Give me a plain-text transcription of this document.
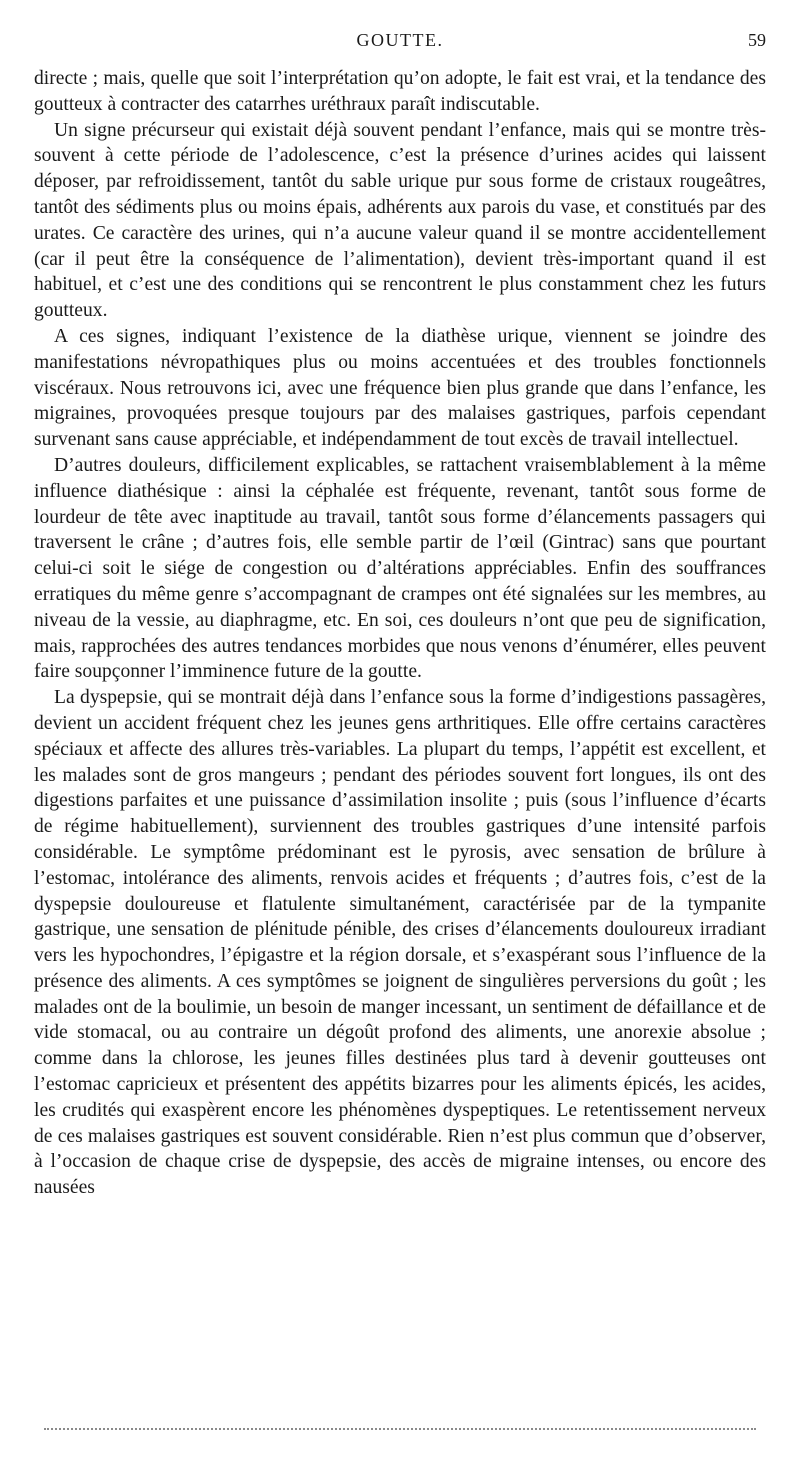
GOUTTE.	59

directe ; mais, quelle que soit l’interprétation qu’on adopte, le fait est vrai, et la tendance des goutteux à contracter des catarrhes uréthraux paraît indiscutable.

Un signe précurseur qui existait déjà souvent pendant l’enfance, mais qui se montre très-souvent à cette période de l’adolescence, c’est la présence d’urines acides qui laissent déposer, par refroidissement, tantôt du sable urique pur sous forme de cristaux rougeâtres, tantôt des sédiments plus ou moins épais, adhérents aux parois du vase, et constitués par des urates. Ce caractère des urines, qui n’a aucune valeur quand il se montre accidentellement (car il peut être la conséquence de l’alimentation), devient très-important quand il est habituel, et c’est une des conditions qui se rencontrent le plus constamment chez les futurs goutteux.

A ces signes, indiquant l’existence de la diathèse urique, viennent se joindre des manifestations névropathiques plus ou moins accentuées et des troubles fonctionnels viscéraux. Nous retrouvons ici, avec une fréquence bien plus grande que dans l’enfance, les migraines, provoquées presque toujours par des malaises gastriques, parfois cependant survenant sans cause appréciable, et indépendamment de tout excès de travail intellectuel.

D’autres douleurs, difficilement explicables, se rattachent vraisemblablement à la même influence diathésique : ainsi la céphalée est fréquente, revenant, tantôt sous forme de lourdeur de tête avec inaptitude au travail, tantôt sous forme d’élancements passagers qui traversent le crâne ; d’autres fois, elle semble partir de l’œil (Gintrac) sans que pourtant celui-ci soit le siége de congestion ou d’altérations appréciables. Enfin des souffrances erratiques du même genre s’accompagnant de crampes ont été signalées sur les membres, au niveau de la vessie, au diaphragme, etc. En soi, ces douleurs n’ont que peu de signification, mais, rapprochées des autres tendances morbides que nous venons d’énumérer, elles peuvent faire soupçonner l’imminence future de la goutte.

La dyspepsie, qui se montrait déjà dans l’enfance sous la forme d’indigestions passagères, devient un accident fréquent chez les jeunes gens arthritiques. Elle offre certains caractères spéciaux et affecte des allures très-variables. La plupart du temps, l’appétit est excellent, et les malades sont de gros mangeurs ; pendant des périodes souvent fort longues, ils ont des digestions parfaites et une puissance d’assimilation insolite ; puis (sous l’influence d’écarts de régime habituellement), surviennent des troubles gastriques d’une intensité parfois considérable. Le symptôme prédominant est le pyrosis, avec sensation de brûlure à l’estomac, intolérance des aliments, renvois acides et fréquents ; d’autres fois, c’est de la dyspepsie douloureuse et flatulente simultanément, caractérisée par de la tympanite gastrique, une sensation de plénitude pénible, des crises d’élancements douloureux irradiant vers les hypochondres, l’épigastre et la région dorsale, et s’exaspérant sous l’influence de la présence des aliments. A ces symptômes se joignent de singulières perversions du goût ; les malades ont de la boulimie, un besoin de manger incessant, un sentiment de défaillance et de vide stomacal, ou au contraire un dégoût profond des aliments, une anorexie absolue ; comme dans la chlorose, les jeunes filles destinées plus tard à devenir goutteuses ont l’estomac capricieux et présentent des appétits bizarres pour les aliments épicés, les acides, les crudités qui exaspèrent encore les phénomènes dyspeptiques. Le retentissement nerveux de ces malaises gastriques est souvent considérable. Rien n’est plus commun que d’observer, à l’occasion de chaque crise de dyspepsie, des accès de migraine intenses, ou encore des nausées
